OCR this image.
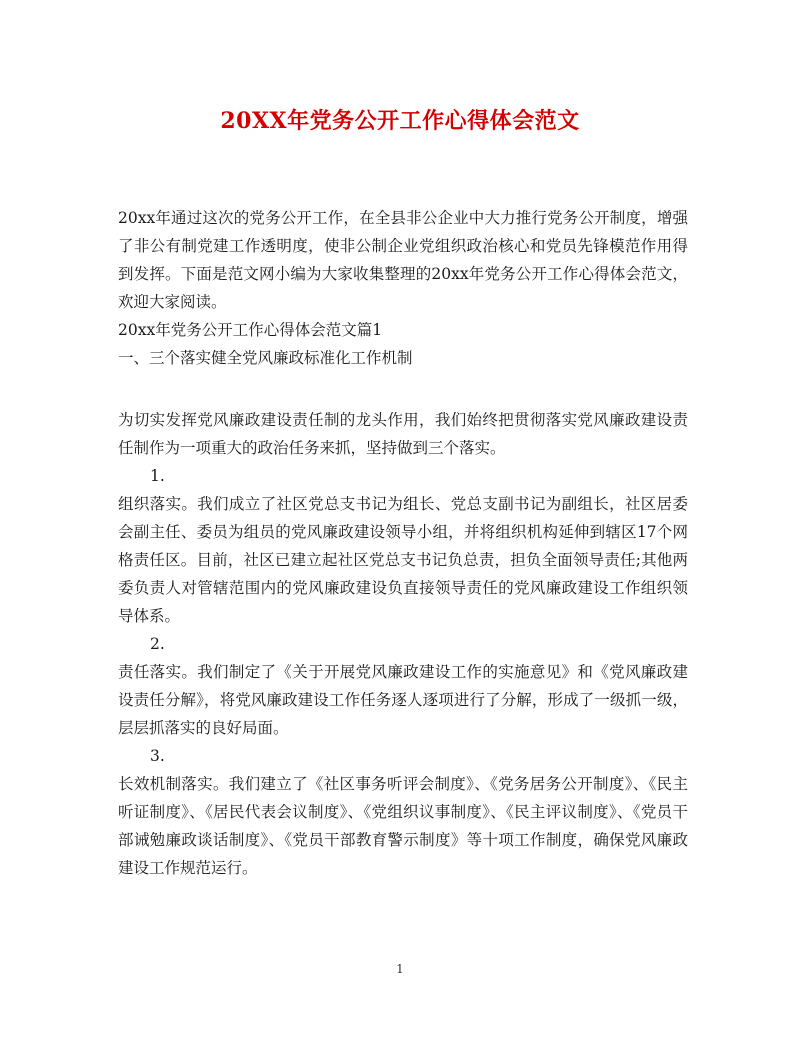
20XX年党务公开工作心得体会范文

20xx年通过这次的党务公开工作，在全县非公企业中大力推行党务公开制度，增强了非公有制党建工作透明度，使非公制企业党组织政治核心和党员先锋模范作用得到发挥。下面是范文网小编为大家收集整理的20xx年党务公开工作心得体会范文，欢迎大家阅读。

20xx年党务公开工作心得体会范文篇1

一、三个落实健全党风廉政标准化工作机制

为切实发挥党风廉政建设责任制的龙头作用，我们始终把贯彻落实党风廉政建设责任制作为一项重大的政治任务来抓，坚持做到三个落实。

1.

组织落实。我们成立了社区党总支书记为组长、党总支副书记为副组长，社区居委会副主任、委员为组员的党风廉政建设领导小组，并将组织机构延伸到辖区17个网格责任区。目前，社区已建立起社区党总支书记负总责，担负全面领导责任;其他两委负责人对管辖范围内的党风廉政建设负直接领导责任的党风廉政建设工作组织领导体系。

2.

责任落实。我们制定了《关于开展党风廉政建设工作的实施意见》和《党风廉政建设责任分解》，将党风廉政建设工作任务逐人逐项进行了分解，形成了一级抓一级，层层抓落实的良好局面。

3.

长效机制落实。我们建立了《社区事务听评会制度》、《党务居务公开制度》、《民主听证制度》、《居民代表会议制度》、《党组织议事制度》、《民主评议制度》、《党员干部诫勉廉政谈话制度》、《党员干部教育警示制度》等十项工作制度，确保党风廉政建设工作规范运行。

1
